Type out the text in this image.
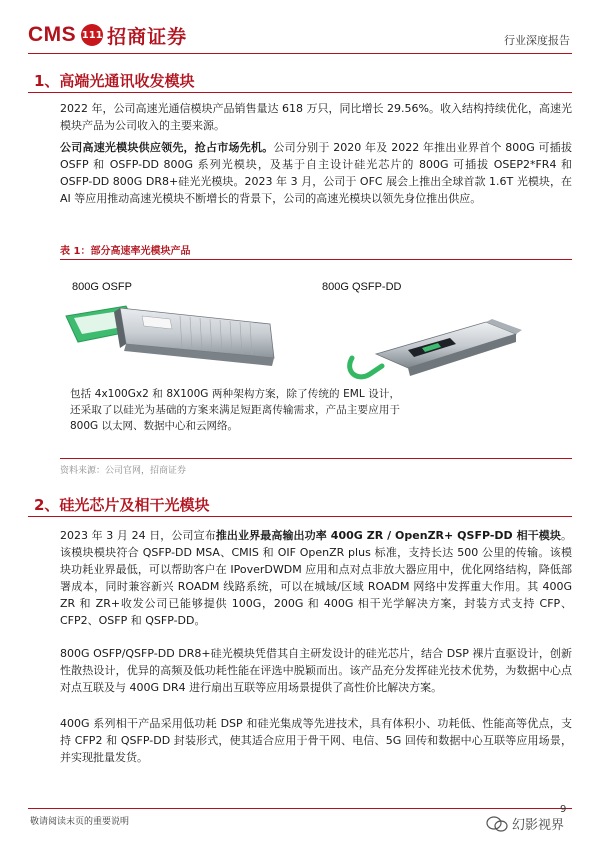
CMS 111 招商证券	行业深度报告
1、高端光通讯收发模块
2022 年，公司高速光通信模块产品销售量达 618 万只，同比增长 29.56%。收入结构持续优化，高速光模块产品为公司收入的主要来源。
公司高速光模块供应领先，抢占市场先机。公司分别于 2020 年及 2022 年推出业界首个 800G 可插拔 OSFP 和 OSFP-DD 800G 系列光模块，及基于自主设计硅光芯片的 800G 可插拔 OSEP2*FR4 和 OSFP-DD 800G DR8+硅光光模块。2023 年 3 月，公司于 OFC 展会上推出全球首款 1.6T 光模块，在 AI 等应用推动高速光模块不断增长的背景下，公司的高速光模块以领先身位推出供应。
表 1：部分高速率光模块产品
800G OSFP	800G QSFP-DD
包括 4x100Gx2 和 8X100G 两种架构方案，除了传统的 EML 设计，还采取了以硅光为基础的方案来满足短距离传输需求，产品主要应用于 800G 以太网、数据中心和云网络。
资料来源：公司官网，招商证券
2、硅光芯片及相干光模块
2023 年 3 月 24 日，公司宣布推出业界最高输出功率 400G ZR / OpenZR+ QSFP-DD 相干模块。该模块模块符合 QSFP-DD MSA、CMIS 和 OIF OpenZR plus 标准，支持长达 500 公里的传输。该模块功耗业界最低，可以帮助客户在 IPoverDWDM 应用和点对点非放大器应用中，优化网络结构，降低部署成本，同时兼容新兴 ROADM 线路系统，可以在城域/区域 ROADM 网络中发挥重大作用。其 400G ZR 和 ZR+收发公司已能够提供 100G，200G 和 400G 相干光学解决方案，封装方式支持 CFP、CFP2、OSFP 和 QSFP-DD。
800G OSFP/QSFP-DD DR8+硅光模块凭借其自主研发设计的硅光芯片，结合 DSP 裸片直驱设计，创新性散热设计，优异的高频及低功耗性能在评选中脱颖而出。该产品充分发挥硅光技术优势，为数据中心点对点互联及与 400G DR4 进行扇出互联等应用场景提供了高性价比解决方案。
400G 系列相干产品采用低功耗 DSP 和硅光集成等先进技术，具有体积小、功耗低、性能高等优点，支持 CFP2 和 QSFP-DD 封装形式，使其适合应用于骨干网、电信、5G 回传和数据中心互联等应用场景，并实现批量发货。
敬请阅读末页的重要说明
9
幻影视界
